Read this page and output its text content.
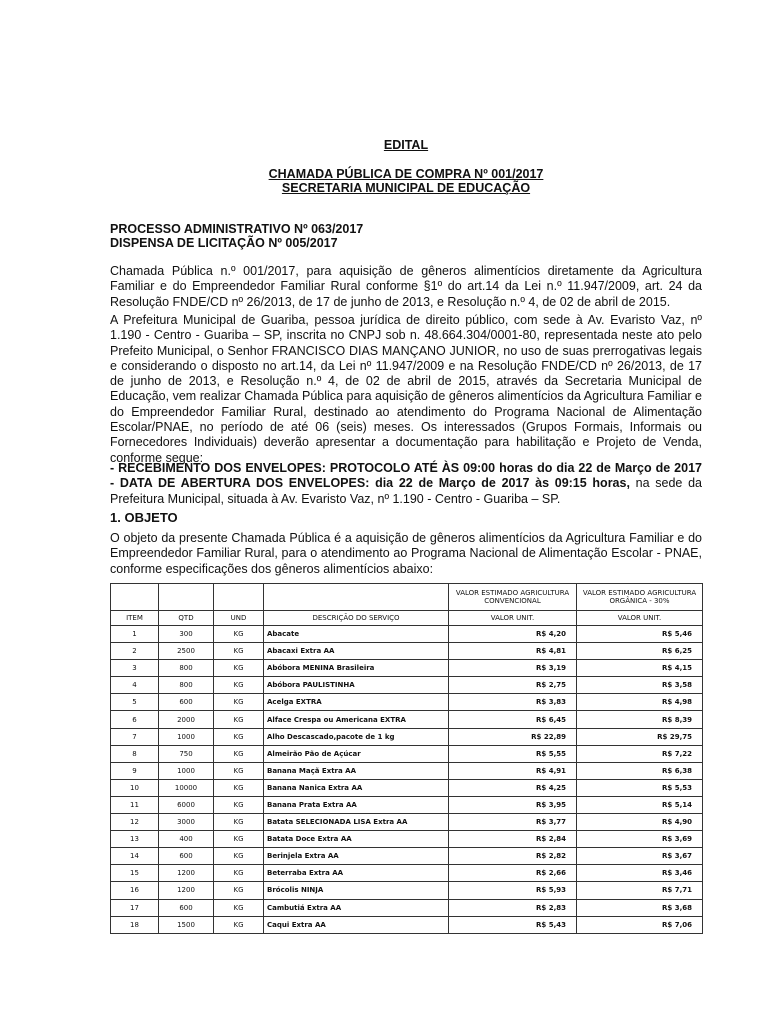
EDITAL
CHAMADA PÚBLICA DE COMPRA Nº 001/2017
SECRETARIA MUNICIPAL DE EDUCAÇÃO
PROCESSO ADMINISTRATIVO Nº 063/2017
DISPENSA DE LICITAÇÃO Nº 005/2017

Chamada Pública n.º 001/2017, para aquisição de gêneros alimentícios diretamente da Agricultura Familiar e do Empreendedor Familiar Rural conforme §1º do art.14 da Lei n.º 11.947/2009, art. 24 da Resolução FNDE/CD nº 26/2013, de 17 de junho de 2013, e Resolução n.º 4, de 02 de abril de 2015.

A Prefeitura Municipal de Guariba, pessoa jurídica de direito público, com sede à Av. Evaristo Vaz, nº 1.190 - Centro - Guariba – SP, inscrita no CNPJ sob n. 48.664.304/0001-80, representada neste ato pelo Prefeito Municipal, o Senhor FRANCISCO DIAS MANÇANO JUNIOR, no uso de suas prerrogativas legais e considerando o disposto no art.14, da Lei nº 11.947/2009 e na Resolução FNDE/CD nº 26/2013, de 17 de junho de 2013, e Resolução n.º 4, de 02 de abril de 2015, através da Secretaria Municipal de Educação, vem realizar Chamada Pública para aquisição de gêneros alimentícios da Agricultura Familiar e do Empreendedor Familiar Rural, destinado ao atendimento do Programa Nacional de Alimentação Escolar/PNAE, no período de até 06 (seis) meses. Os interessados (Grupos Formais, Informais ou Fornecedores Individuais) deverão apresentar a documentação para habilitação e Projeto de Venda, conforme segue:

- RECEBIMENTO DOS ENVELOPES: PROTOCOLO ATÉ ÀS 09:00 horas do dia 22 de Março de 2017 - DATA DE ABERTURA DOS ENVELOPES: dia 22 de Março de 2017 às 09:15 horas, na sede da Prefeitura Municipal, situada à Av. Evaristo Vaz, nº 1.190 - Centro - Guariba – SP.

1. OBJETO

O objeto da presente Chamada Pública é a aquisição de gêneros alimentícios da Agricultura Familiar e do Empreendedor Familiar Rural, para o atendimento ao Programa Nacional de Alimentação Escolar - PNAE, conforme especificações dos gêneros alimentícios abaixo:

				VALOR ESTIMADO AGRICULTURA CONVENCIONAL	VALOR ESTIMADO AGRICULTURA ORGÂNICA - 30%
ITEM	QTD	UND	DESCRIÇÃO DO SERVIÇO	VALOR UNIT.	VALOR UNIT.
1	300	KG	Abacate	R$ 4,20	R$ 5,46
2	2500	KG	Abacaxi Extra AA	R$ 4,81	R$ 6,25
3	800	KG	Abóbora MENINA Brasileira	R$ 3,19	R$ 4,15
4	800	KG	Abóbora PAULISTINHA	R$ 2,75	R$ 3,58
5	600	KG	Acelga EXTRA	R$ 3,83	R$ 4,98
6	2000	KG	Alface Crespa ou Americana EXTRA	R$ 6,45	R$ 8,39
7	1000	KG	Alho Descascado,pacote de 1 kg	R$ 22,89	R$ 29,75
8	750	KG	Almeirão Pão de Açúcar	R$ 5,55	R$ 7,22
9	1000	KG	Banana Maçã Extra AA	R$ 4,91	R$ 6,38
10	10000	KG	Banana Nanica Extra AA	R$ 4,25	R$ 5,53
11	6000	KG	Banana Prata Extra AA	R$ 3,95	R$ 5,14
12	3000	KG	Batata SELECIONADA LISA Extra AA	R$ 3,77	R$ 4,90
13	400	KG	Batata Doce Extra AA	R$ 2,84	R$ 3,69
14	600	KG	Berinjela Extra AA	R$ 2,82	R$ 3,67
15	1200	KG	Beterraba Extra AA	R$ 2,66	R$ 3,46
16	1200	KG	Brócolis NINJA	R$ 5,93	R$ 7,71
17	600	KG	Cambutiá Extra AA	R$ 2,83	R$ 3,68
18	1500	KG	Caqui Extra AA	R$ 5,43	R$ 7,06
